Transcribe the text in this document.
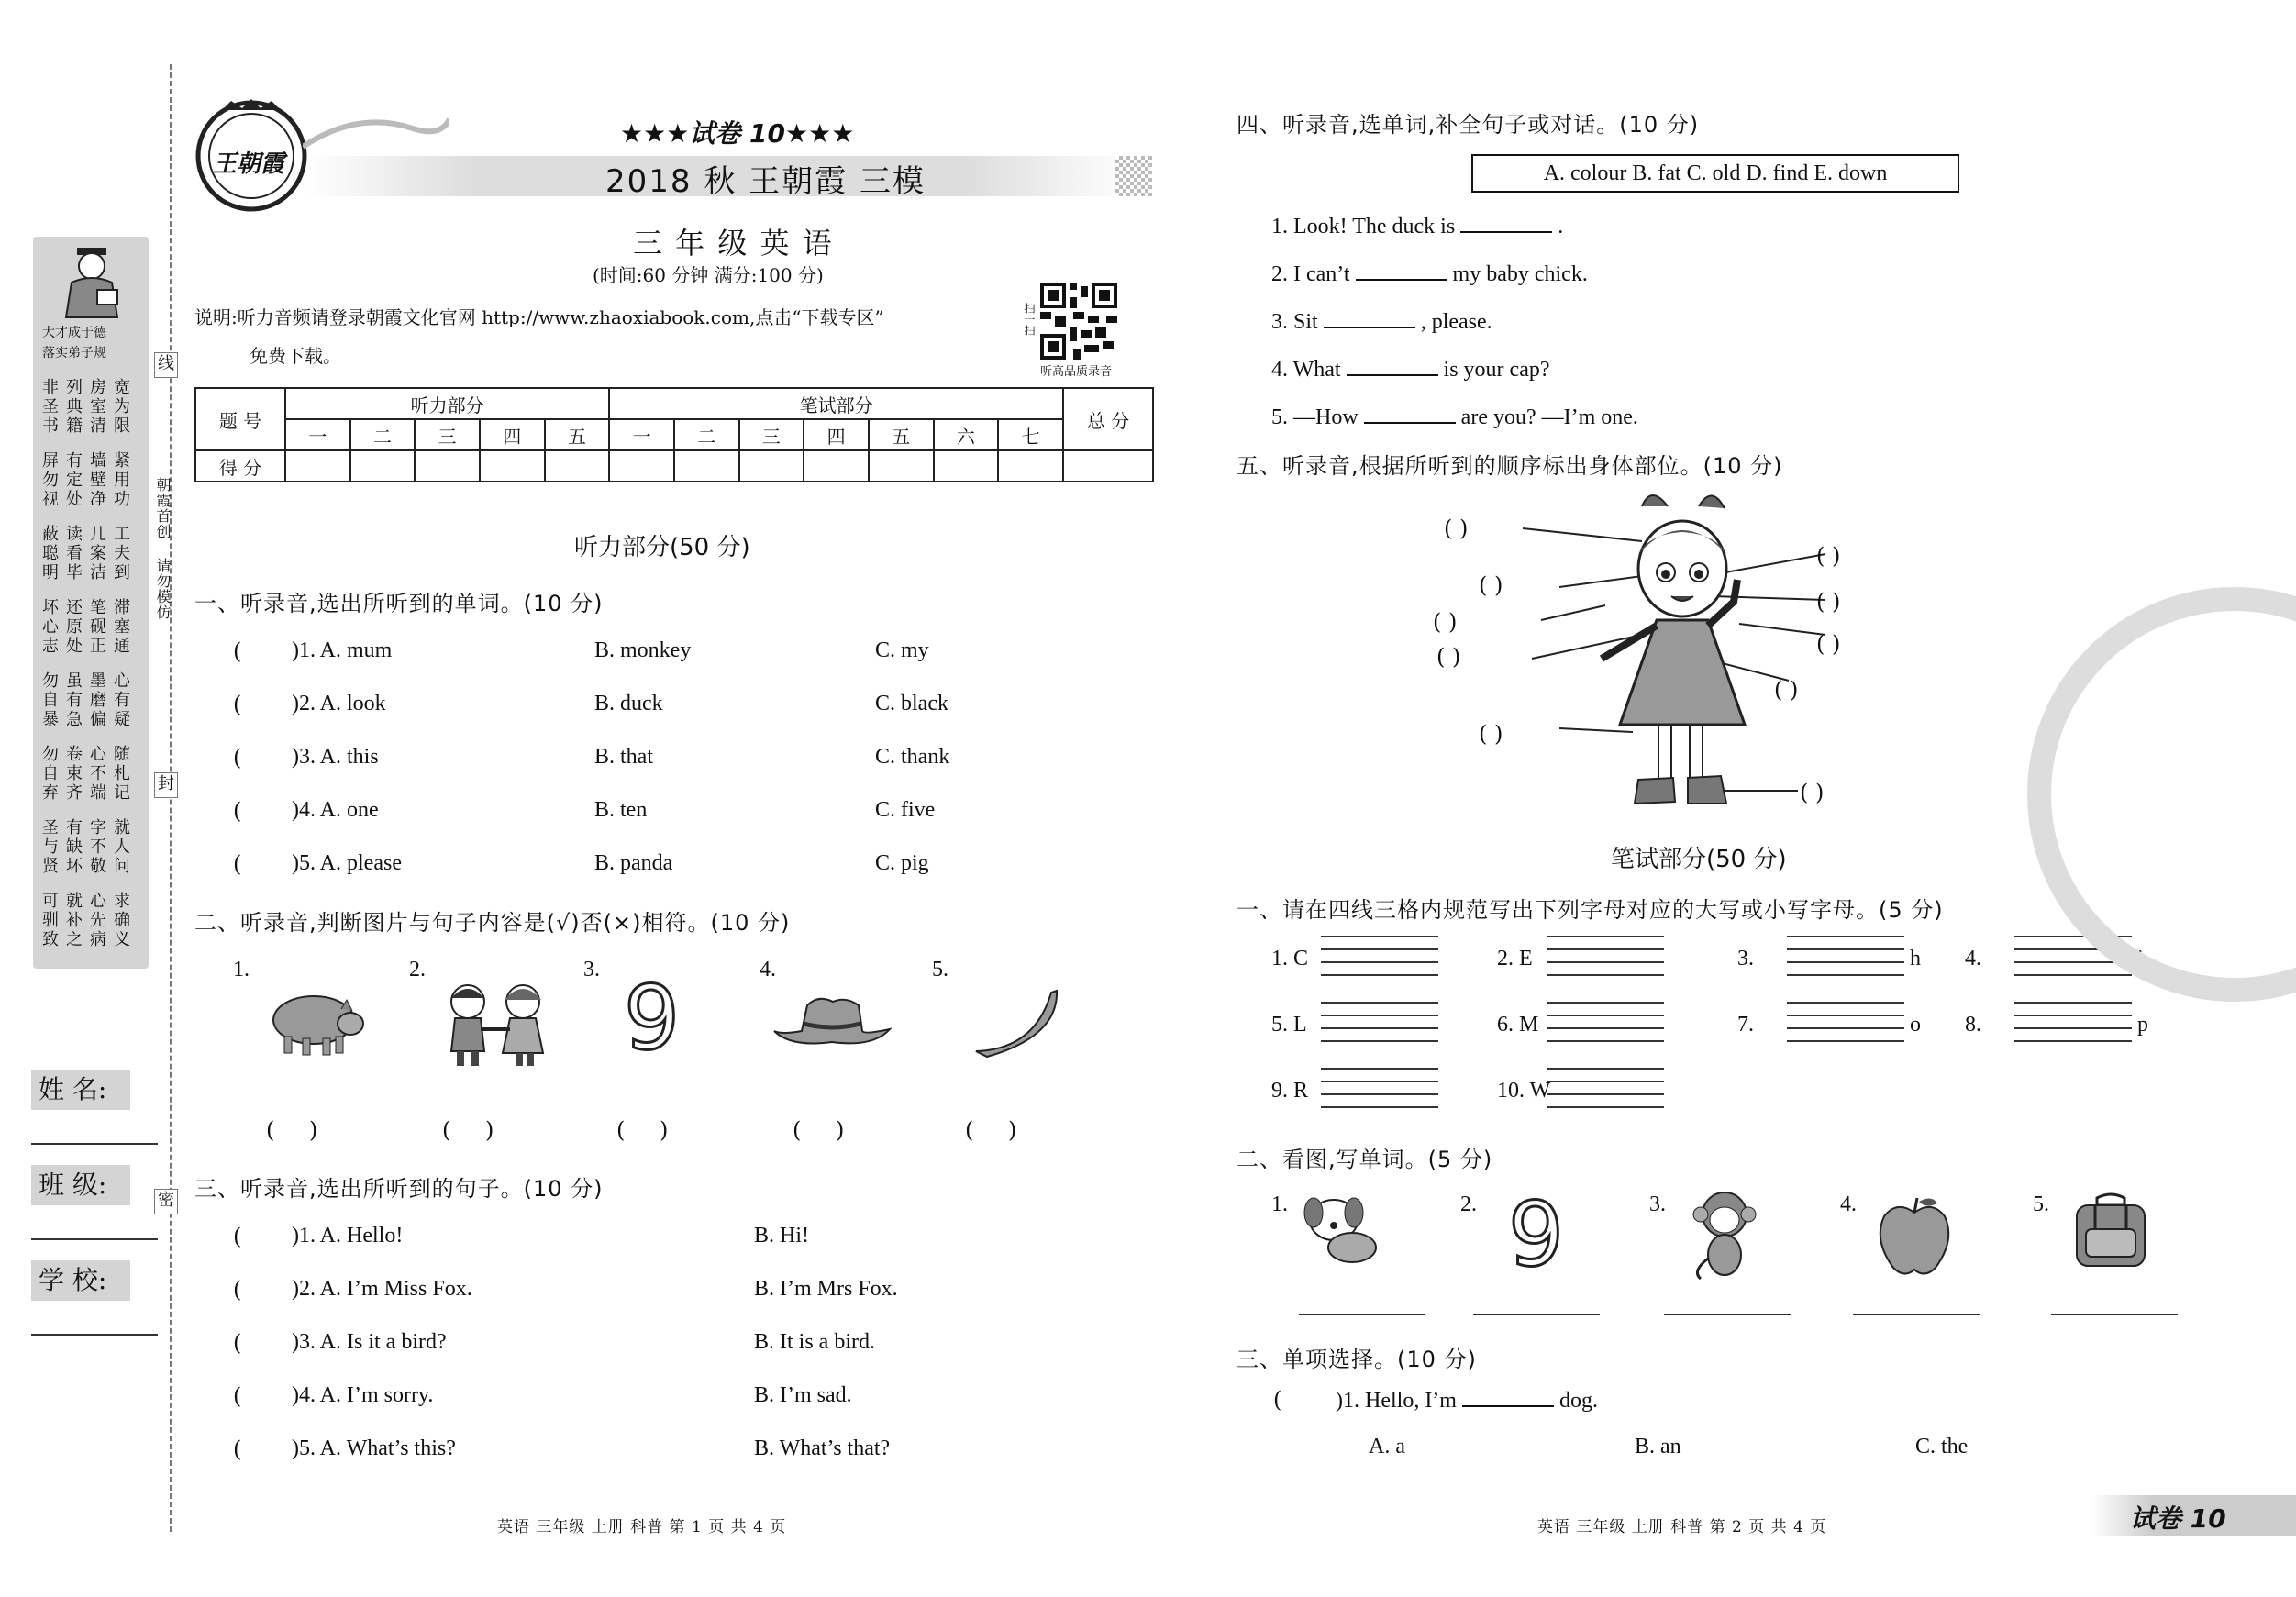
大才成于德
落实弟子规
非列房宽
圣典室为
书籍清限
屏有墙紧
勿定壁用
视处净功
蔽读几工
聪看案夫
明毕洁到
坏还笔滞
心原砚塞
志处正通
勿虽墨心
自有磨有
暴急偏疑
勿卷心随
自束不札
弃齐端记
圣有字就
与缺不人
贤坏敬问
可就心求
驯补先确
致之病义
线
封
密
朝霞首创 请勿模仿
姓 名:
班 级:
学 校:
王朝霞
★★★试卷 10★★★
2018 秋 王朝霞 三模
三 年 级 英 语
(时间:60 分钟 满分:100 分)
说明:听力音频请登录朝霞文化官网 http://www.zhaoxiabook.com,点击“下载专区”
免费下载。
扫一扫
听高品质录音
题 号	听力部分					笔试部分							总 分
	一	二	三	四	五	一	二	三	四	五	六	七	
得 分													
听力部分(50 分)
一、听录音,选出所听到的单词。(10 分)
( )1. A. mum	B. monkey	C. my
( )2. A. look	B. duck	C. black
( )3. A. this	B. that	C. thank
( )4. A. one	B. ten	C. five
( )5. A. please	B. panda	C. pig
二、听录音,判断图片与句子内容是(√)否(×)相符。(10 分)
1.	2.	3.	4.	5.
9
( )	( )	( )	( )	( )
三、听录音,选出所听到的句子。(10 分)
( )1. A. Hello!	B. Hi!
( )2. A. I’m Miss Fox.	B. I’m Mrs Fox.
( )3. A. Is it a bird?	B. It is a bird.
( )4. A. I’m sorry.	B. I’m sad.
( )5. A. What’s this?	B. What’s that?
英语 三年级 上册 科普 第 1 页 共 4 页
四、听录音,选单词,补全句子或对话。(10 分)
A. colour B. fat C. old D. find E. down
1. Look! The duck is	.
2. I can’t	my baby chick.
3. Sit	, please.
4. What	is your cap?
5. —How	are you? —I’m one.
五、听录音,根据所听到的顺序标出身体部位。(10 分)
( )
( )
( )
( )
( )
( )
( )
( )
( )
( )
笔试部分(50 分)
一、请在四线三格内规范写出下列字母对应的大写或小写字母。(5 分)
1. C	2. E	3.	h 4.	i
5. L	6. M	7.	o 8.	p
9. R	10. W
二、看图,写单词。(5 分)
1.	2.	3.	4.	5.
9
三、单项选择。(10 分)
( )1. Hello, I’m	dog.
A. a	B. an	C. the
英语 三年级 上册 科普 第 2 页 共 4 页	试卷 10
